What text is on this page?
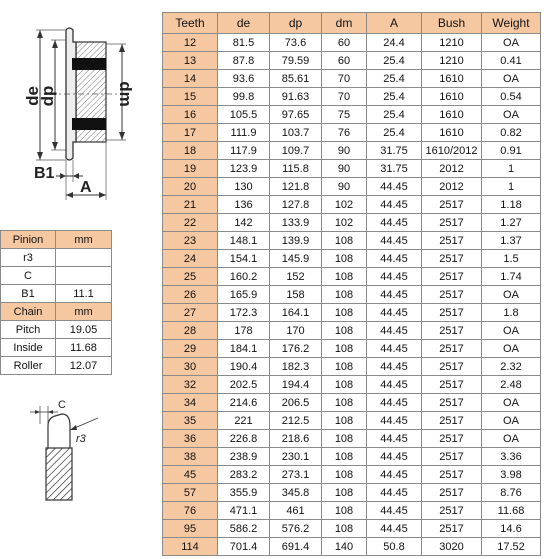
de
dp	dm
B1
A
Pinion	mm
r3	
C	
B1	11.1
Chain	mm
Pitch	19.05
Inside	11.68
Roller	12.07
C
r3
Teeth	de	dp	dm	A	Bush	Weight
12	81.5	73.6	60	24.4	1210	OA
13	87.8	79.59	60	25.4	1210	0.41
14	93.6	85.61	70	25.4	1610	OA
15	99.8	91.63	70	25.4	1610	0.54
16	105.5	97.65	75	25.4	1610	OA
17	111.9	103.7	76	25.4	1610	0.82
18	117.9	109.7	90	31.75	1610/2012	0.91
19	123.9	115.8	90	31.75	2012	1
20	130	121.8	90	44.45	2012	1
21	136	127.8	102	44.45	2517	1.18
22	142	133.9	102	44.45	2517	1.27
23	148.1	139.9	108	44.45	2517	1.37
24	154.1	145.9	108	44.45	2517	1.5
25	160.2	152	108	44.45	2517	1.74
26	165.9	158	108	44.45	2517	OA
27	172.3	164.1	108	44.45	2517	1.8
28	178	170	108	44.45	2517	OA
29	184.1	176.2	108	44.45	2517	OA
30	190.4	182.3	108	44.45	2517	2.32
32	202.5	194.4	108	44.45	2517	2.48
34	214.6	206.5	108	44.45	2517	OA
35	221	212.5	108	44.45	2517	OA
36	226.8	218.6	108	44.45	2517	OA
38	238.9	230.1	108	44.45	2517	3.36
45	283.2	273.1	108	44.45	2517	3.98
57	355.9	345.8	108	44.45	2517	8.76
76	471.1	461	108	44.45	2517	11.68
95	586.2	576.2	108	44.45	2517	14.6
114	701.4	691.4	140	50.8	3020	17.52
